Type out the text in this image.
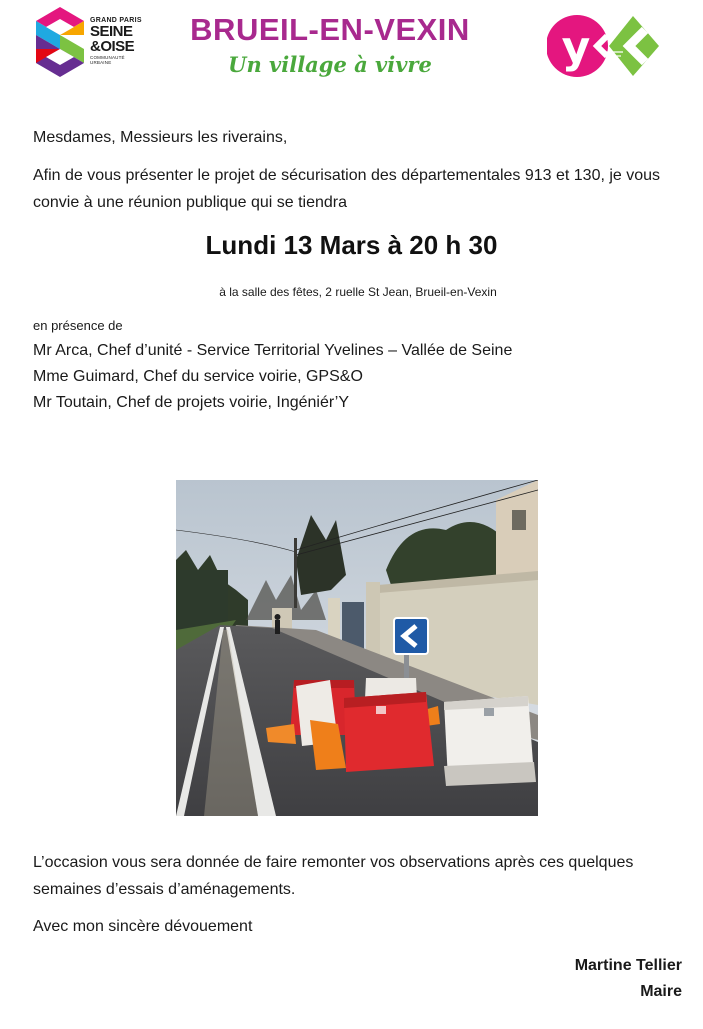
GRAND PARIS
SEINE
&OISE
COMMUNAUTÉ URBAINE
BRUEIL-EN-VEXIN
Un village à vivre	y
Mesdames, Messieurs les riverains,
Afin de vous présenter le projet de sécurisation des départementales 913 et 130, je vous convie à une réunion publique qui se tiendra
Lundi 13 Mars à 20 h 30
à la salle des fêtes, 2 ruelle St Jean, Brueil-en-Vexin
en présence de
Mr Arca, Chef d’unité - Service Territorial Yvelines – Vallée de Seine
Mme Guimard, Chef du service voirie, GPS&O
Mr Toutain, Chef de projets voirie, Ingéniér’Y
L’occasion vous sera donnée de faire remonter vos observations après ces quelques semaines d’essais d’aménagements.
Avec mon sincère dévouement
Martine Tellier
Maire
